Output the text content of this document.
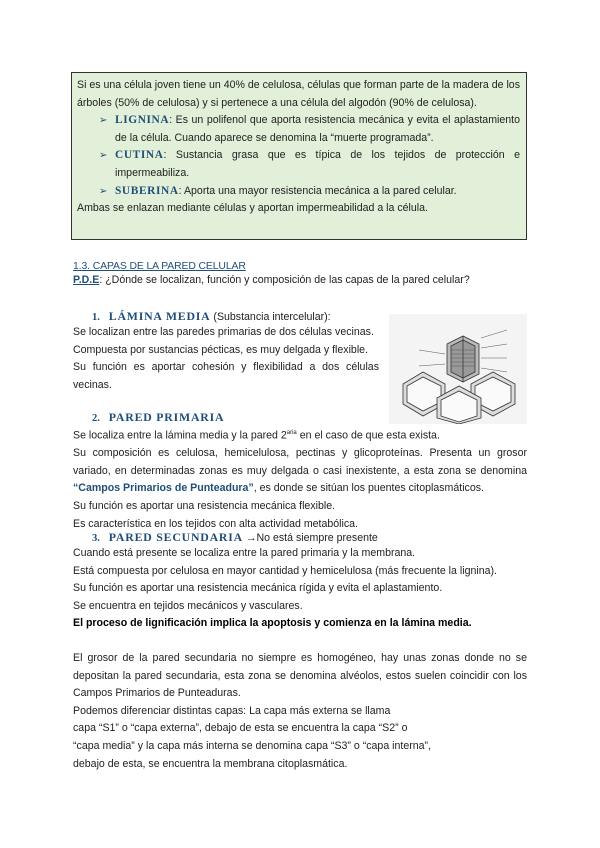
Si es una célula joven tiene un 40% de celulosa, células que forman parte de la madera de los árboles (50% de celulosa) y si pertenece a una célula del algodón (90% de celulosa).

➢ LIGNINA: Es un polifenol que aporta resistencia mecánica y evita el aplastamiento de la célula. Cuando aparece se denomina la “muerte programada”.

➢ CUTINA: Sustancia grasa que es típica de los tejidos de protección e impermeabiliza.

➢ SUBERINA: Aporta una mayor resistencia mecánica a la pared celular.

Ambas se enlazan mediante células y aportan impermeabilidad a la célula.

1.3. CAPAS DE LA PARED CELULAR
P.D.E: ¿Dónde se localizan, función y composición de las capas de la pared celular?
1. LÁMINA MEDIA (Substancia intercelular):

Se localizan entre las paredes primarias de dos células vecinas.

Compuesta por sustancias pécticas, es muy delgada y flexible.

Su función es aportar cohesión y flexibilidad a dos células vecinas.

2. PARED PRIMARIA

Se localiza entre la lámina media y la pared $2^{aria}$ en el caso de que esta exista.

Su composición es celulosa, hemicelulosa, pectinas y glicoproteínas. Presenta un grosor variado, en determinadas zonas es muy delgada o casi inexistente, a esta zona se denomina “Campos Primarios de Punteadura”, es donde se sitúan los puentes citoplasmáticos.

Su función es aportar una resistencia mecánica flexible.

Es característica en los tejidos con alta actividad metabólica.

3. PARED SECUNDARIA →No está siempre presente

Cuando está presente se localiza entre la pared primaria y la membrana.

Está compuesta por celulosa en mayor cantidad y hemicelulosa (más frecuente la lignina).

Su función es aportar una resistencia mecánica rígida y evita el aplastamiento.

Se encuentra en tejidos mecánicos y vasculares.

El proceso de lignificación implica la apoptosis y comienza en la lámina media.

El grosor de la pared secundaria no siempre es homogéneo, hay unas zonas donde no se depositan la pared secundaria, esta zona se denomina alvéolos, estos suelen coincidir con los Campos Primarios de Punteaduras.

Podemos diferenciar distintas capas: La capa más externa se llama

capa “S1” o “capa externa”, debajo de esta se encuentra la capa “S2” o

“capa media” y la capa más interna se denomina capa “S3” o “capa interna”,

debajo de esta, se encuentra la membrana citoplasmática.
